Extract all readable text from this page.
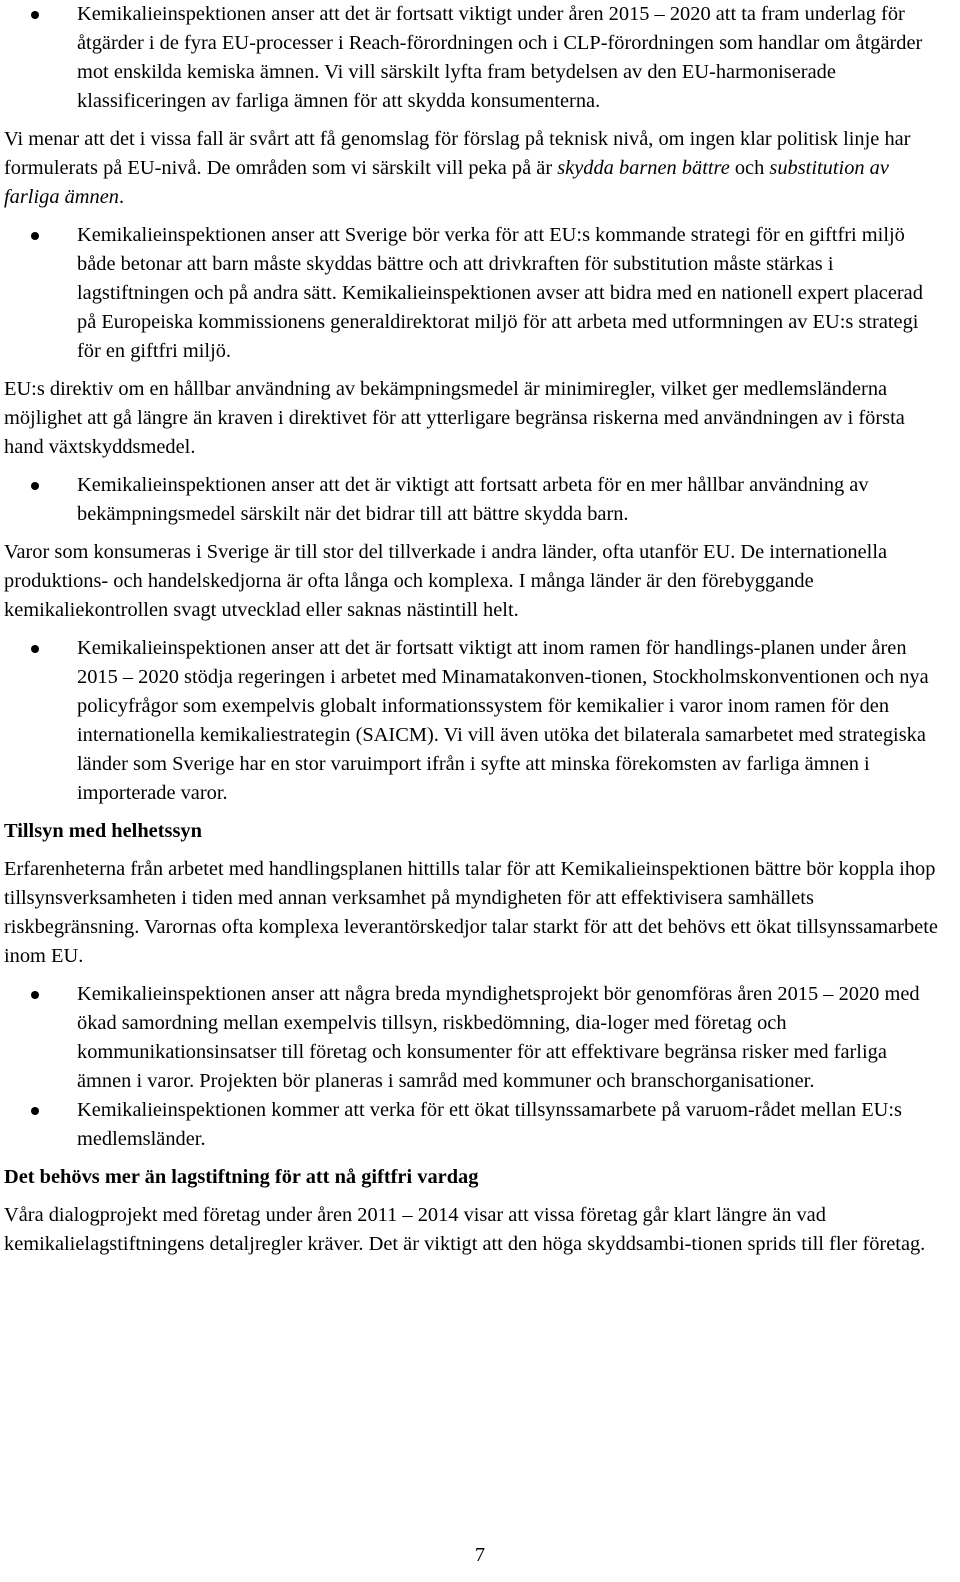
Kemikalieinspektionen anser att det är fortsatt viktigt under åren 2015 – 2020 att ta fram underlag för åtgärder i de fyra EU-processer i Reach-förordningen och i CLP-förordningen som handlar om åtgärder mot enskilda kemiska ämnen. Vi vill särskilt lyfta fram betydelsen av den EU-harmoniserade klassificeringen av farliga ämnen för att skydda konsumenterna.

Vi menar att det i vissa fall är svårt att få genomslag för förslag på teknisk nivå, om ingen klar politisk linje har formulerats på EU-nivå. De områden som vi särskilt vill peka på är skydda barnen bättre och substitution av farliga ämnen.

Kemikalieinspektionen anser att Sverige bör verka för att EU:s kommande strategi för en giftfri miljö både betonar att barn måste skyddas bättre och att drivkraften för substitution måste stärkas i lagstiftningen och på andra sätt. Kemikalieinspektionen avser att bidra med en nationell expert placerad på Europeiska kommissionens generaldirektorat miljö för att arbeta med utformningen av EU:s strategi för en giftfri miljö.

EU:s direktiv om en hållbar användning av bekämpningsmedel är minimiregler, vilket ger medlemsländerna möjlighet att gå längre än kraven i direktivet för att ytterligare begränsa riskerna med användningen av i första hand växtskyddsmedel.

Kemikalieinspektionen anser att det är viktigt att fortsatt arbeta för en mer hållbar användning av bekämpningsmedel särskilt när det bidrar till att bättre skydda barn.

Varor som konsumeras i Sverige är till stor del tillverkade i andra länder, ofta utanför EU. De internationella produktions- och handelskedjorna är ofta långa och komplexa. I många länder är den förebyggande kemikaliekontrollen svagt utvecklad eller saknas nästintill helt.

Kemikalieinspektionen anser att det är fortsatt viktigt att inom ramen för handlings-planen under åren 2015 – 2020 stödja regeringen i arbetet med Minamatakonven-tionen, Stockholmskonventionen och nya policyfrågor som exempelvis globalt informationssystem för kemikalier i varor inom ramen för den internationella kemikaliestrategin (SAICM). Vi vill även utöka det bilaterala samarbetet med strategiska länder som Sverige har en stor varuimport ifrån i syfte att minska förekomsten av farliga ämnen i importerade varor.
Tillsyn med helhetssyn

Erfarenheterna från arbetet med handlingsplanen hittills talar för att Kemikalieinspektionen bättre bör koppla ihop tillsynsverksamheten i tiden med annan verksamhet på myndigheten för att effektivisera samhällets riskbegränsning. Varornas ofta komplexa leverantörskedjor talar starkt för att det behövs ett ökat tillsynssamarbete inom EU.

Kemikalieinspektionen anser att några breda myndighetsprojekt bör genomföras åren 2015 – 2020 med ökad samordning mellan exempelvis tillsyn, riskbedömning, dia-loger med företag och kommunikationsinsatser till företag och konsumenter för att effektivare begränsa risker med farliga ämnen i varor. Projekten bör planeras i samråd med kommuner och branschorganisationer.
Kemikalieinspektionen kommer att verka för ett ökat tillsynssamarbete på varuom-rådet mellan EU:s medlemsländer.
Det behövs mer än lagstiftning för att nå giftfri vardag

Våra dialogprojekt med företag under åren 2011 – 2014 visar att vissa företag går klart längre än vad kemikalielagstiftningens detaljregler kräver. Det är viktigt att den höga skyddsambi-tionen sprids till fler företag.

7
